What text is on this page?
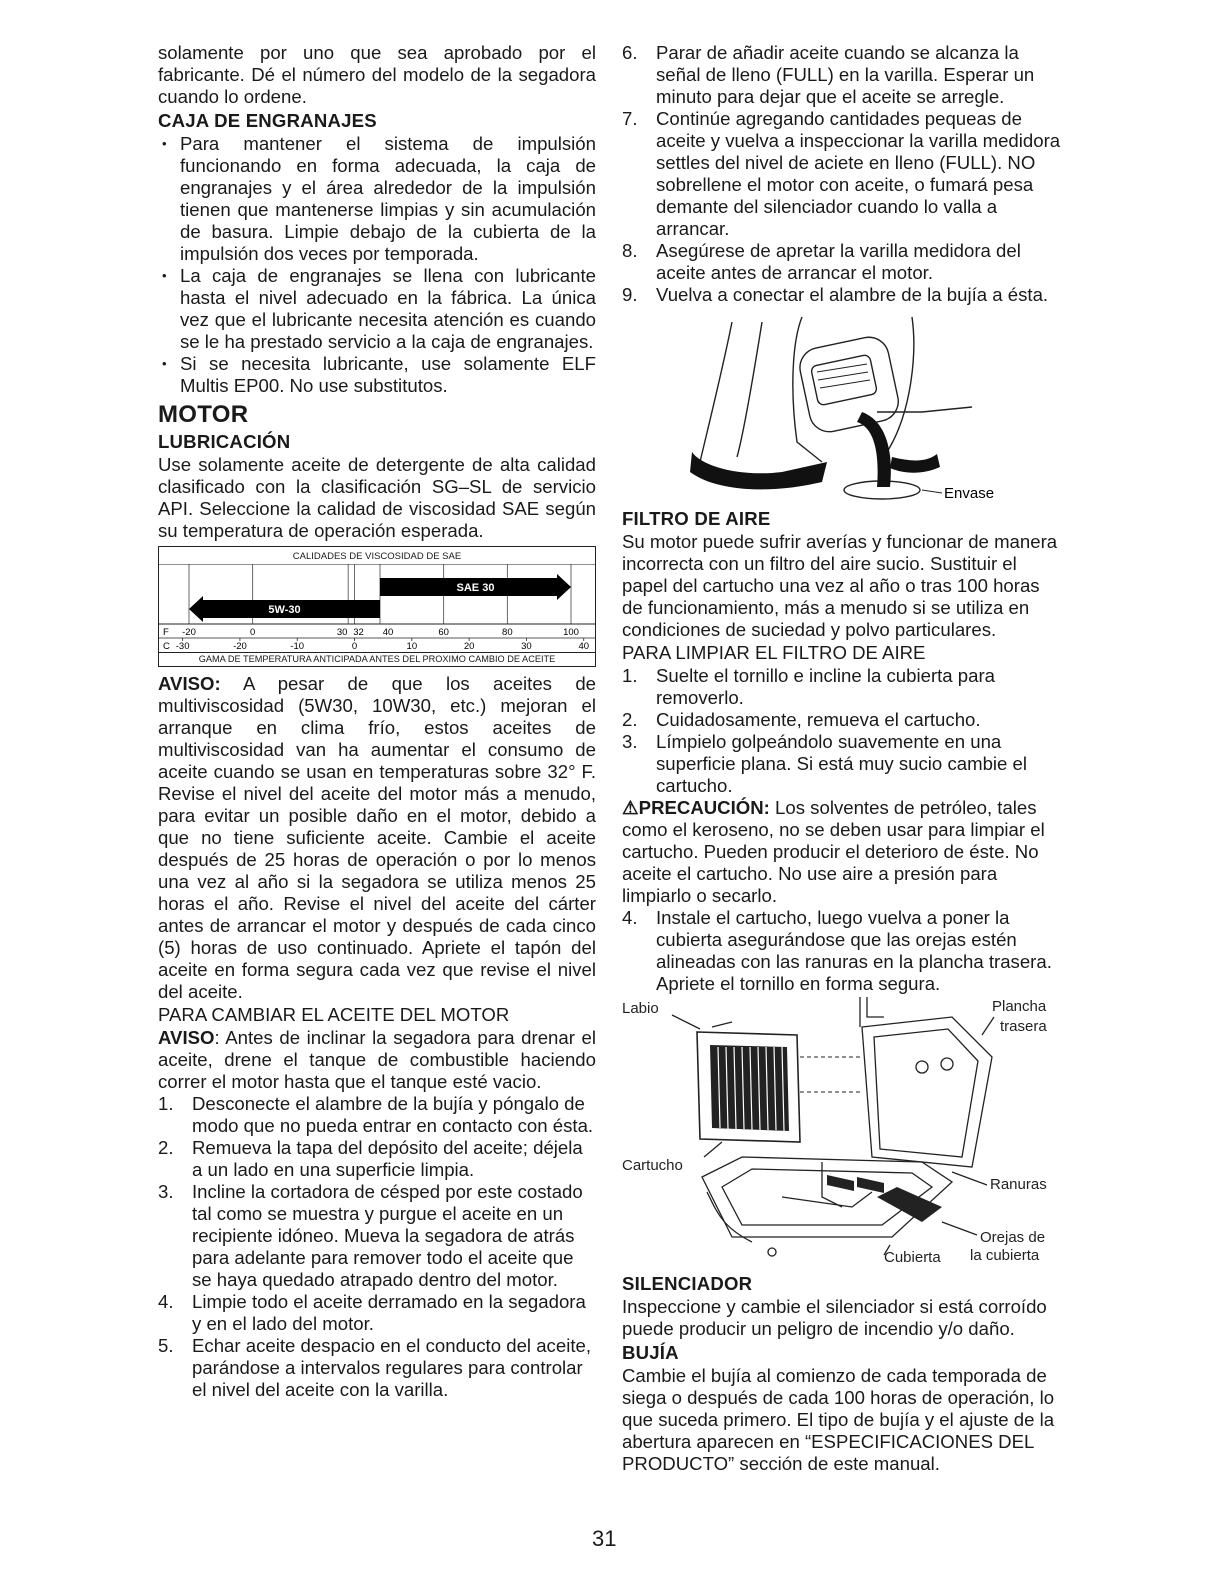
solamente por uno que sea aprobado por el fabricante. Dé el número del modelo de la segadora cuando lo ordene.

CAJA DE ENGRANAJES

• Para mantener el sistema de impulsión funcionando en forma adecuada, la caja de engranajes y el área alrededor de la impulsión tienen que mantenerse limpias y sin acumulación de basura. Limpie debajo de la cubierta de la impulsión dos veces por temporada.
• La caja de engranajes se llena con lubricante hasta el nivel adecuado en la fábrica. La única vez que el lubricante necesita atención es cuando se le ha prestado servicio a la caja de engranajes.
• Si se necesita lubricante, use solamente ELF Multis EP00. No use substitutos.

MOTOR

LUBRICACIÓN

Use solamente aceite de detergente de alta calidad clasificado con la clasificación SG–SL de servicio API. Seleccione la calidad de viscosidad SAE según su temperatura de operación esperada.

CALIDADES DE VISCOSIDAD DE SAE
5W-30
SAE 30
F -20	0	30 32 40	60	80	100
C -30	-20	-10	0	10	20	30	40
GAMA DE TEMPERATURA ANTICIPADA ANTES DEL PROXIMO CAMBIO DE ACEITE

AVISO: A pesar de que los aceites de multiviscosidad (5W30, 10W30, etc.) mejoran el arranque en clima frío, estos aceites de multiviscosidad van ha aumentar el consumo de aceite cuando se usan en temperaturas sobre 32° F. Revise el nivel del aceite del motor más a menudo, para evitar un posible daño en el motor, debido a que no tiene suficiente aceite. Cambie el aceite después de 25 horas de operación o por lo menos una vez al año si la segadora se utiliza menos 25 horas el año. Revise el nivel del aceite del cárter antes de arrancar el motor y después de cada cinco (5) horas de uso continuado. Apriete el tapón del aceite en forma segura cada vez que revise el nivel del aceite.

PARA CAMBIAR EL ACEITE DEL MOTOR

AVISO: Antes de inclinar la segadora para drenar el aceite, drene el tanque de combustible haciendo correr el motor hasta que el tanque esté vacio.

1. Desconecte el alambre de la bujía y póngalo de modo que no pueda entrar en contacto con ésta.
2. Remueva la tapa del depósito del aceite; déjela a un lado en una superficie limpia.
3. Incline la cortadora de césped por este costado tal como se muestra y purgue el aceite en un recipiente idóneo. Mueva la segadora de atrás para adelante para remover todo el aceite que se haya quedado atrapado dentro del motor.
4. Limpie todo el aceite derramado en la segadora y en el lado del motor.
5. Echar aceite despacio en el conducto del aceite, parándose a intervalos regulares para controlar el nivel del aceite con la varilla.
6. Parar de añadir aceite cuando se alcanza la señal de lleno (FULL) en la varilla. Esperar un minuto para dejar que el aceite se arregle.
7. Continúe agregando cantidades pequeas de aceite y vuelva a inspeccionar la varilla medidora settles del nivel de aciete en lleno (FULL). NO sobrellene el motor con aceite, o fumará pesa demante del silenciador cuando lo valla a arrancar.
8. Asegúrese de apretar la varilla medidora del aceite antes de arrancar el motor.
9. Vuelva a conectar el alambre de la bujía a ésta.
Envase

FILTRO DE AIRE

Su motor puede sufrir averías y funcionar de manera incorrecta con un filtro del aire sucio. Sustituir el papel del cartucho una vez al año o tras 100 horas de funcionamiento, más a menudo si se utiliza en condiciones de suciedad y polvo particulares.

PARA LIMPIAR EL FILTRO DE AIRE

1. Suelte el tornillo e incline la cubierta para removerlo.
2. Cuidadosamente, remueva el cartucho.
3. Límpielo golpeándolo suavemente en una superficie plana. Si está muy sucio cambie el cartucho.

⚠PRECAUCIÓN: Los solventes de petróleo, tales como el keroseno, no se deben usar para limpiar el cartucho. Pueden producir el deterioro de éste. No aceite el cartucho. No use aire a presión para limpiarlo o secarlo.

4. Instale el cartucho, luego vuelva a poner la cubierta asegurándose que las orejas estén alineadas con las ranuras en la plancha trasera. Apriete el tornillo en forma segura.
Labio	Plancha
trasera
Cartucho
Ranuras
Orejas de
la cubierta
Cubierta

SILENCIADOR

Inspeccione y cambie el silenciador si está corroído puede producir un peligro de incendio y/o daño.

BUJÍA

Cambie el bujía al comienzo de cada temporada de siega o después de cada 100 horas de operación, lo que suceda primero. El tipo de bujía y el ajuste de la abertura aparecen en “ESPECIFICACIONES DEL PRODUCTO” sección de este manual.

31
